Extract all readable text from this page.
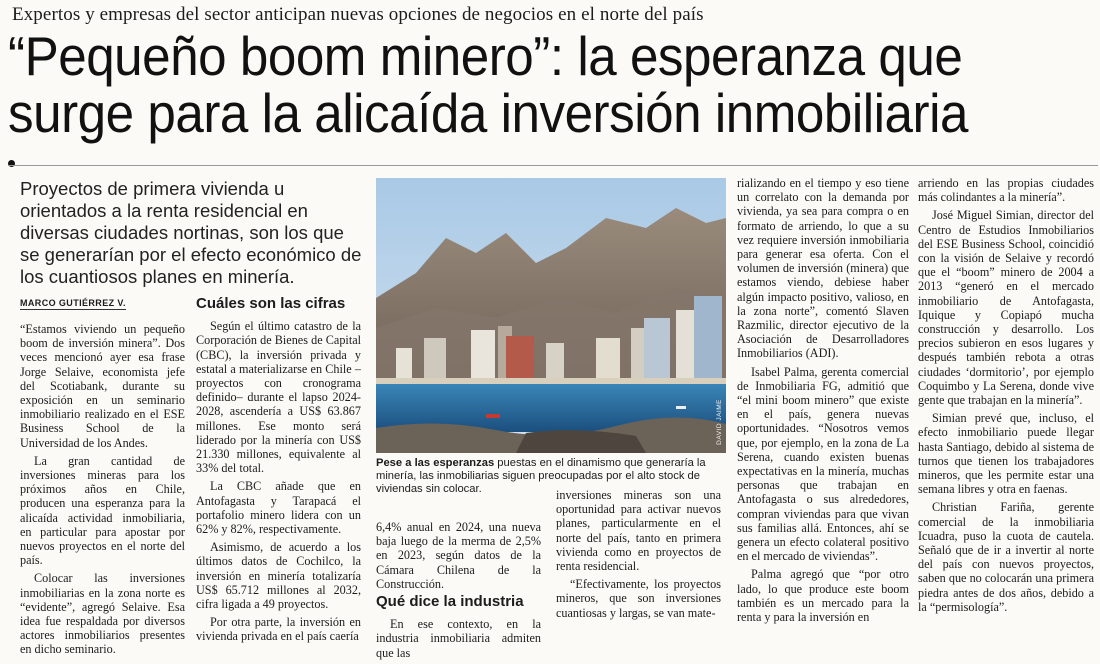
Expertos y empresas del sector anticipan nuevas opciones de negocios en el norte del país
“Pequeño boom minero”: la esperanza que
surge para la alicaída inversión inmobiliaria
Proyectos de primera vivienda u orientados a la renta residencial en diversas ciudades nortinas, son los que se generarían por el efecto económico de los cuantiosos planes en minería.
MARCO GUTIÉRREZ V.

“Estamos viviendo un pequeño boom de inversión minera”. Dos veces mencionó ayer esa frase Jorge Selaive, economista jefe del Scotiabank, durante su exposición en un seminario inmobiliario realizado en el ESE Business School de la Universidad de los Andes.

La gran cantidad de inversiones mineras para los próximos años en Chile, producen una esperanza para la alicaída actividad inmobiliaria, en particular para apostar por nuevos proyectos en el norte del país.

Colocar las inversiones inmobiliarias en la zona norte es “evidente”, agregó Selaive. Esa idea fue respaldada por diversos actores inmobiliarios presentes en dicho seminario.

Cuáles son las cifras

Según el último catastro de la Corporación de Bienes de Capital (CBC), la inversión privada y estatal a materializarse en Chile –proyectos con cronograma definido– durante el lapso 2024-2028, ascendería a US$ 63.867 millones. Ese monto será liderado por la minería con US$ 21.330 millones, equivalente al 33% del total.

La CBC añade que en Antofagasta y Tarapacá el portafolio minero lidera con un 62% y 82%, respectivamente.

Asimismo, de acuerdo a los últimos datos de Cochilco, la inversión en minería totalizaría US$ 65.712 millones al 2032, cifra ligada a 49 proyectos.

Por otra parte, la inversión en vivienda privada en el país caería

DAVID JAIME
Pese a las esperanzas puestas en el dinamismo que generaría la minería, las inmobiliarias siguen preocupadas por el alto stock de viviendas sin colocar.

6,4% anual en 2024, una nueva baja luego de la merma de 2,5% en 2023, según datos de la Cámara Chilena de la Construcción.

Qué dice la industria

En ese contexto, en la industria inmobiliaria admiten que las

inversiones mineras son una oportunidad para activar nuevos planes, particularmente en el norte del país, tanto en primera vivienda como en proyectos de renta residencial.

“Efectivamente, los proyectos mineros, que son inversiones cuantiosas y largas, se van mate-

rializando en el tiempo y eso tiene un correlato con la demanda por vivienda, ya sea para compra o en formato de arriendo, lo que a su vez requiere inversión inmobiliaria para generar esa oferta. Con el volumen de inversión (minera) que estamos viendo, debiese haber algún impacto positivo, valioso, en la zona norte”, comentó Slaven Razmilic, director ejecutivo de la Asociación de Desarrolladores Inmobiliarios (ADI).

Isabel Palma, gerenta comercial de Inmobiliaria FG, admitió que “el mini boom minero” que existe en el país, genera nuevas oportunidades. “Nosotros vemos que, por ejemplo, en la zona de La Serena, cuando existen buenas expectativas en la minería, muchas personas que trabajan en Antofagasta o sus alrededores, compran viviendas para que vivan sus familias allá. Entonces, ahí se genera un efecto colateral positivo en el mercado de viviendas”.

Palma agregó que “por otro lado, lo que produce este boom también es un mercado para la renta y para la inversión en

arriendo en las propias ciudades más colindantes a la minería”.

José Miguel Simian, director del Centro de Estudios Inmobiliarios del ESE Business School, coincidió con la visión de Selaive y recordó que el “boom” minero de 2004 a 2013 “generó en el mercado inmobiliario de Antofagasta, Iquique y Copiapó mucha construcción y desarrollo. Los precios subieron en esos lugares y después también rebota a otras ciudades ‘dormitorio’, por ejemplo Coquimbo y La Serena, donde vive gente que trabajan en la minería”.

Simian prevé que, incluso, el efecto inmobiliario puede llegar hasta Santiago, debido al sistema de turnos que tienen los trabajadores mineros, que les permite estar una semana libres y otra en faenas.

Christian Fariña, gerente comercial de la inmobiliaria Icuadra, puso la cuota de cautela. Señaló que de ir a invertir al norte del país con nuevos proyectos, saben que no colocarán una primera piedra antes de dos años, debido a la “permisología”.
